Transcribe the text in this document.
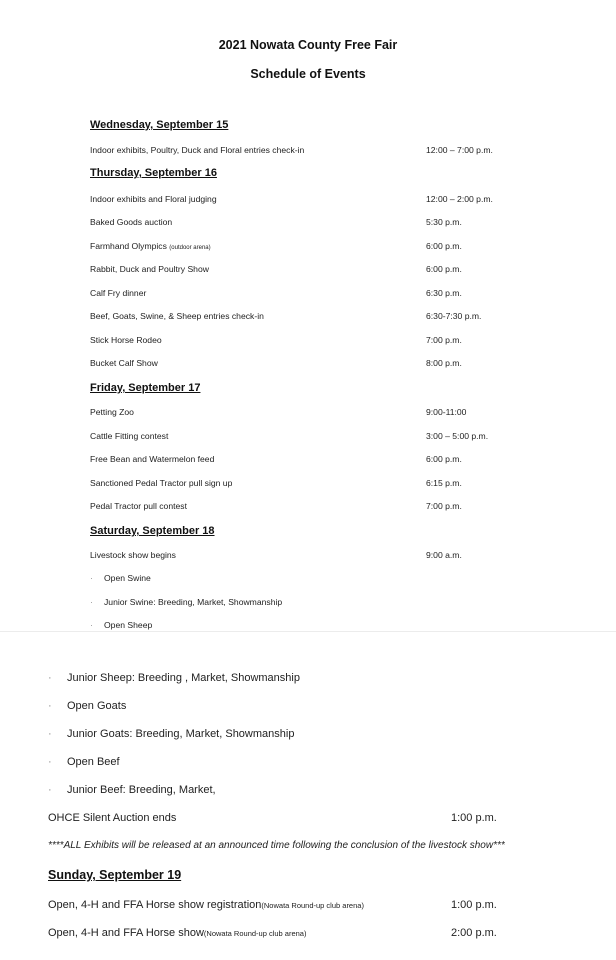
2021 Nowata County Free Fair
Schedule of Events
Wednesday, September 15
Indoor exhibits, Poultry, Duck and Floral entries check-in	12:00 – 7:00 p.m.
Thursday, September 16
Indoor exhibits and Floral judging	12:00 – 2:00 p.m.
Baked Goods auction	5:30 p.m.
Farmhand Olympics (outdoor arena)	6:00 p.m.
Rabbit, Duck and Poultry Show	6:00 p.m.
Calf Fry dinner	6:30 p.m.
Beef, Goats, Swine, & Sheep entries check-in	6:30-7:30 p.m.
Stick Horse Rodeo	7:00 p.m.
Bucket Calf Show	8:00 p.m.
Friday, September 17
Petting Zoo	9:00-11:00
Cattle Fitting contest	3:00 – 5:00 p.m.
Free Bean and Watermelon feed	6:00 p.m.
Sanctioned Pedal Tractor pull sign up	6:15 p.m.
Pedal Tractor pull contest	7:00 p.m.
Saturday, September 18
Livestock show begins	9:00 a.m.
· Open Swine
· Junior Swine: Breeding, Market, Showmanship
· Open Sheep
· Junior Sheep: Breeding , Market, Showmanship
· Open Goats
· Junior Goats: Breeding, Market, Showmanship
· Open Beef
· Junior Beef: Breeding, Market,
OHCE Silent Auction ends	1:00 p.m.
****ALL Exhibits will be released at an announced time following the conclusion of the livestock show***
Sunday, September 19
Open, 4-H and FFA Horse show registration(Nowata Round-up club arena)	1:00 p.m.
Open, 4-H and FFA Horse show(Nowata Round-up club arena)	2:00 p.m.
